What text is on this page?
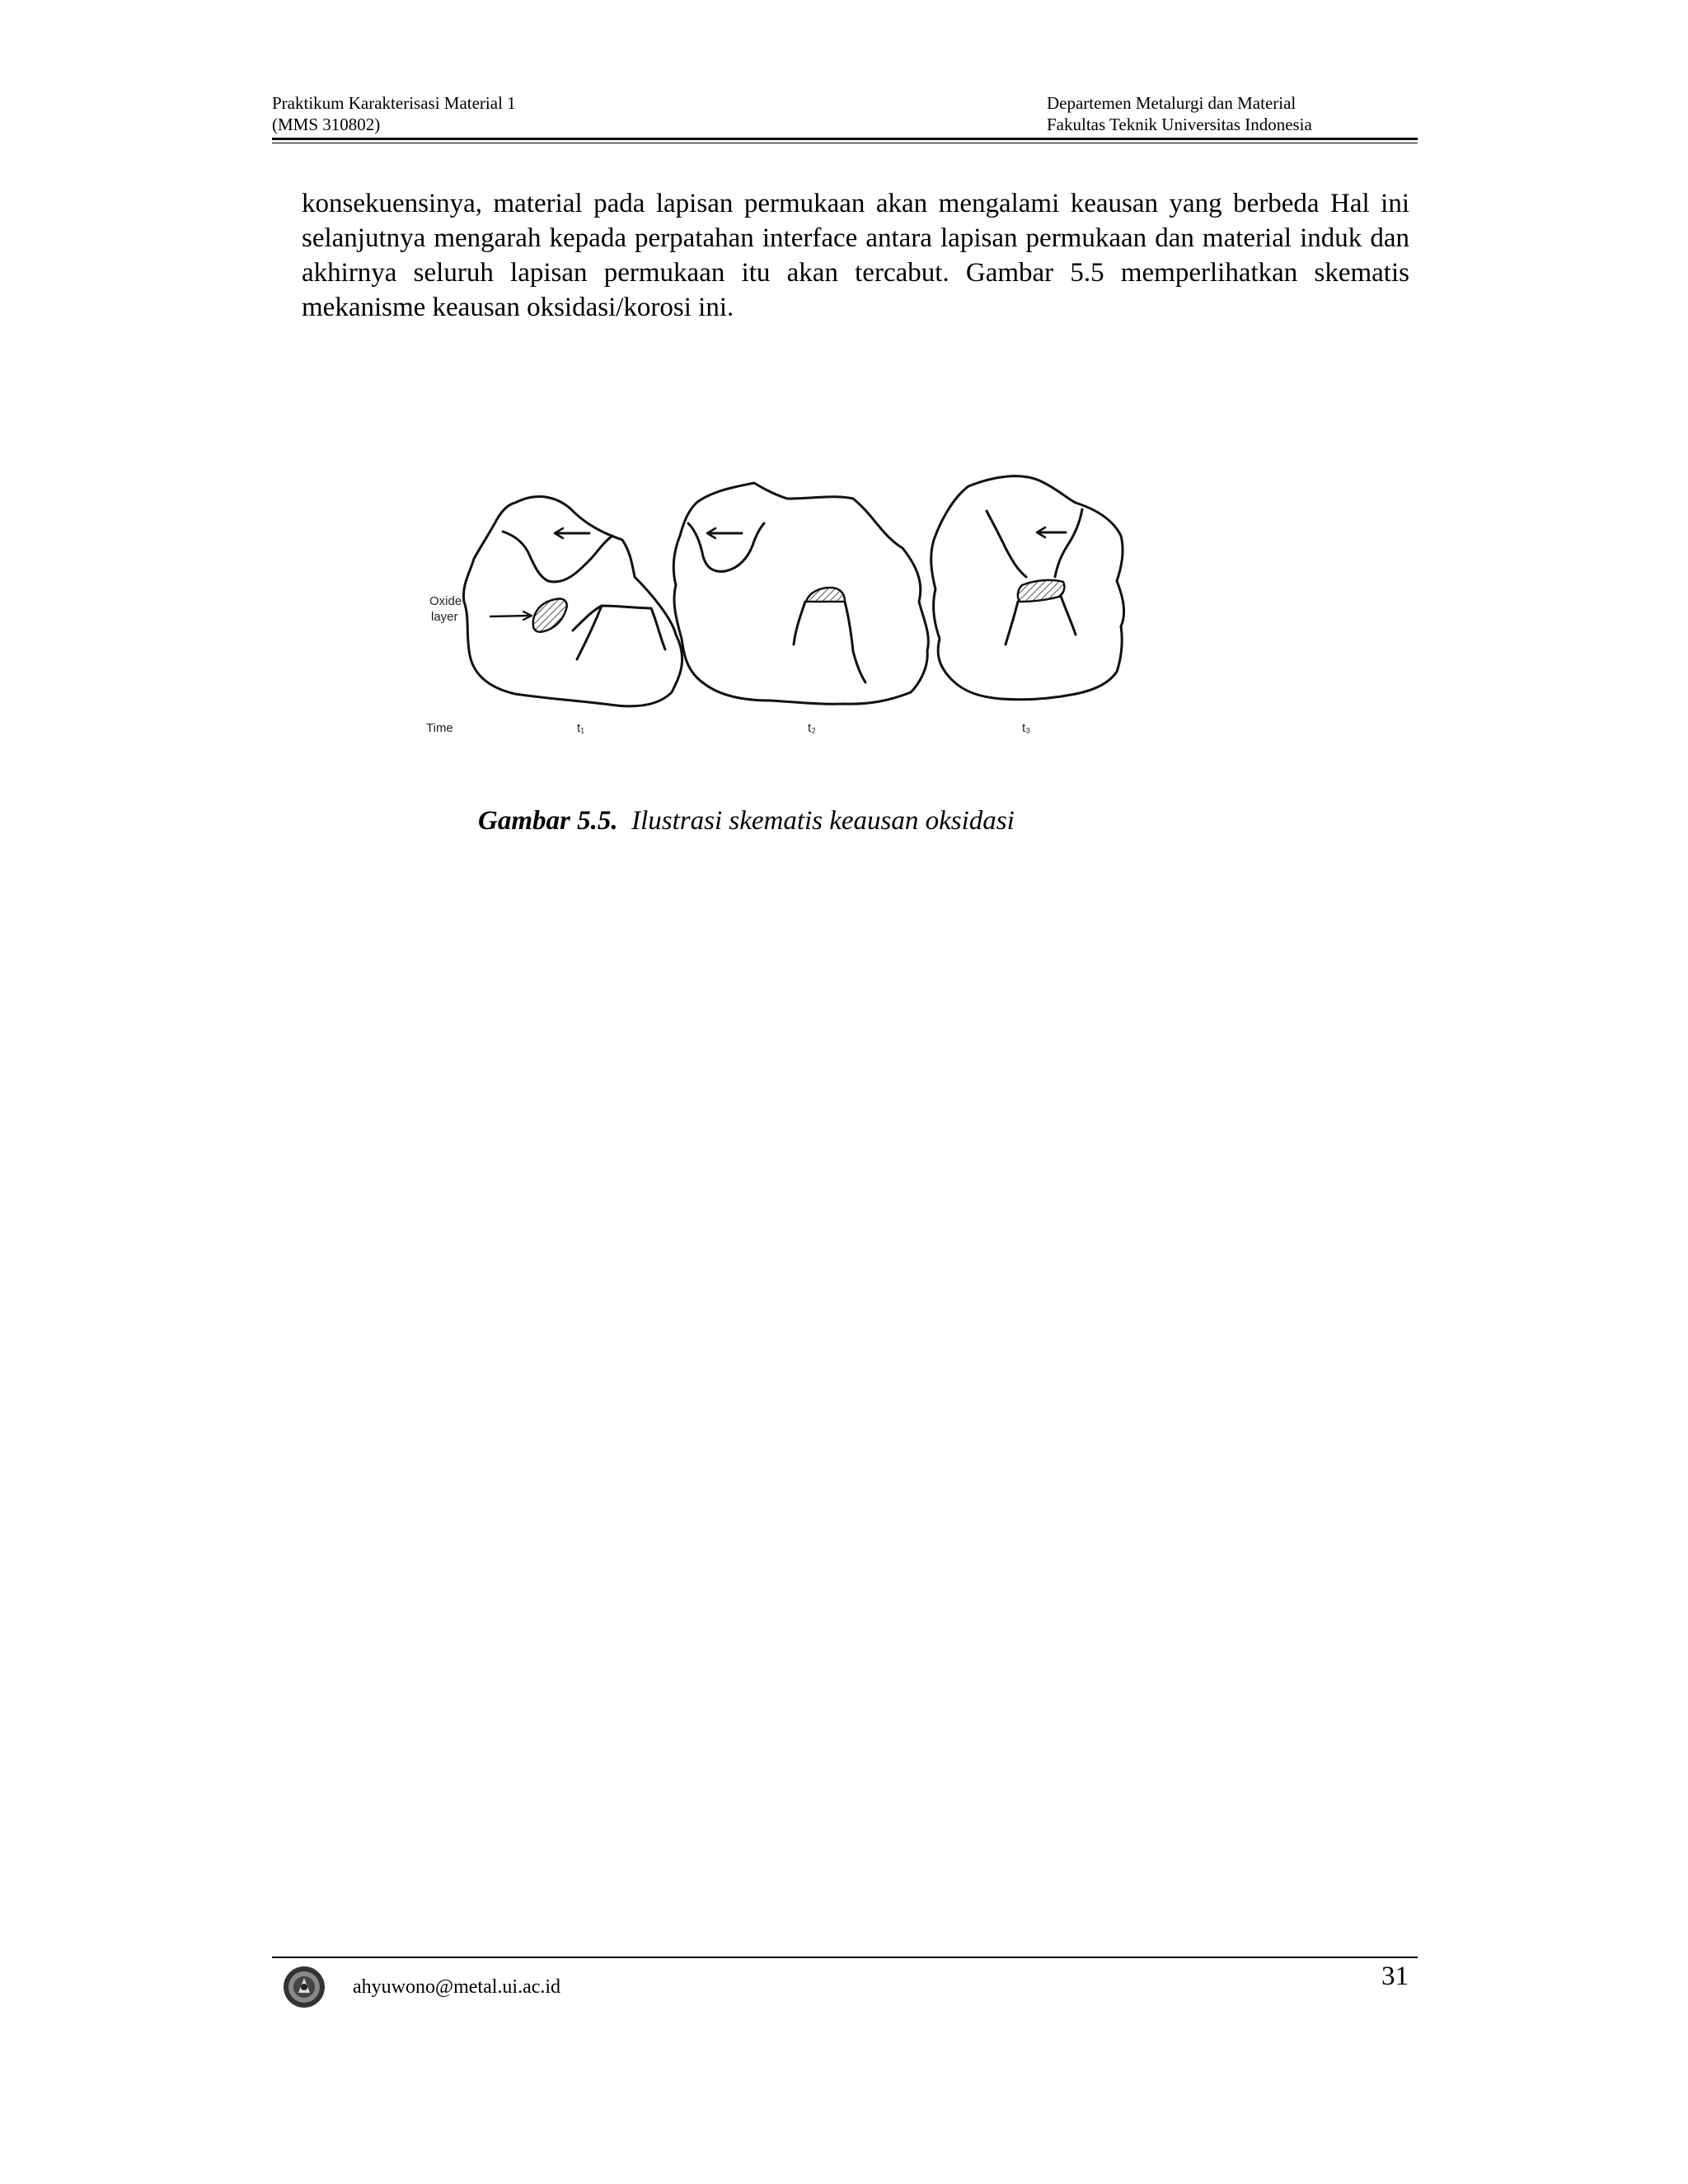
Praktikum Karakterisasi Material 1
(MMS 310802)
Departemen Metalurgi dan Material
Fakultas Teknik Universitas Indonesia

konsekuensinya, material pada lapisan permukaan akan mengalami keausan yang berbeda Hal ini selanjutnya mengarah kepada perpatahan interface antara lapisan permukaan dan material induk dan akhirnya seluruh lapisan permukaan itu akan tercabut. Gambar 5.5 memperlihatkan skematis mekanisme keausan oksidasi/korosi ini.

Oxide
layer
Time	t₁	t₂	t₃
Gambar 5.5. Ilustrasi skematis keausan oksidasi
ahyuwono@metal.ui.ac.id	31
